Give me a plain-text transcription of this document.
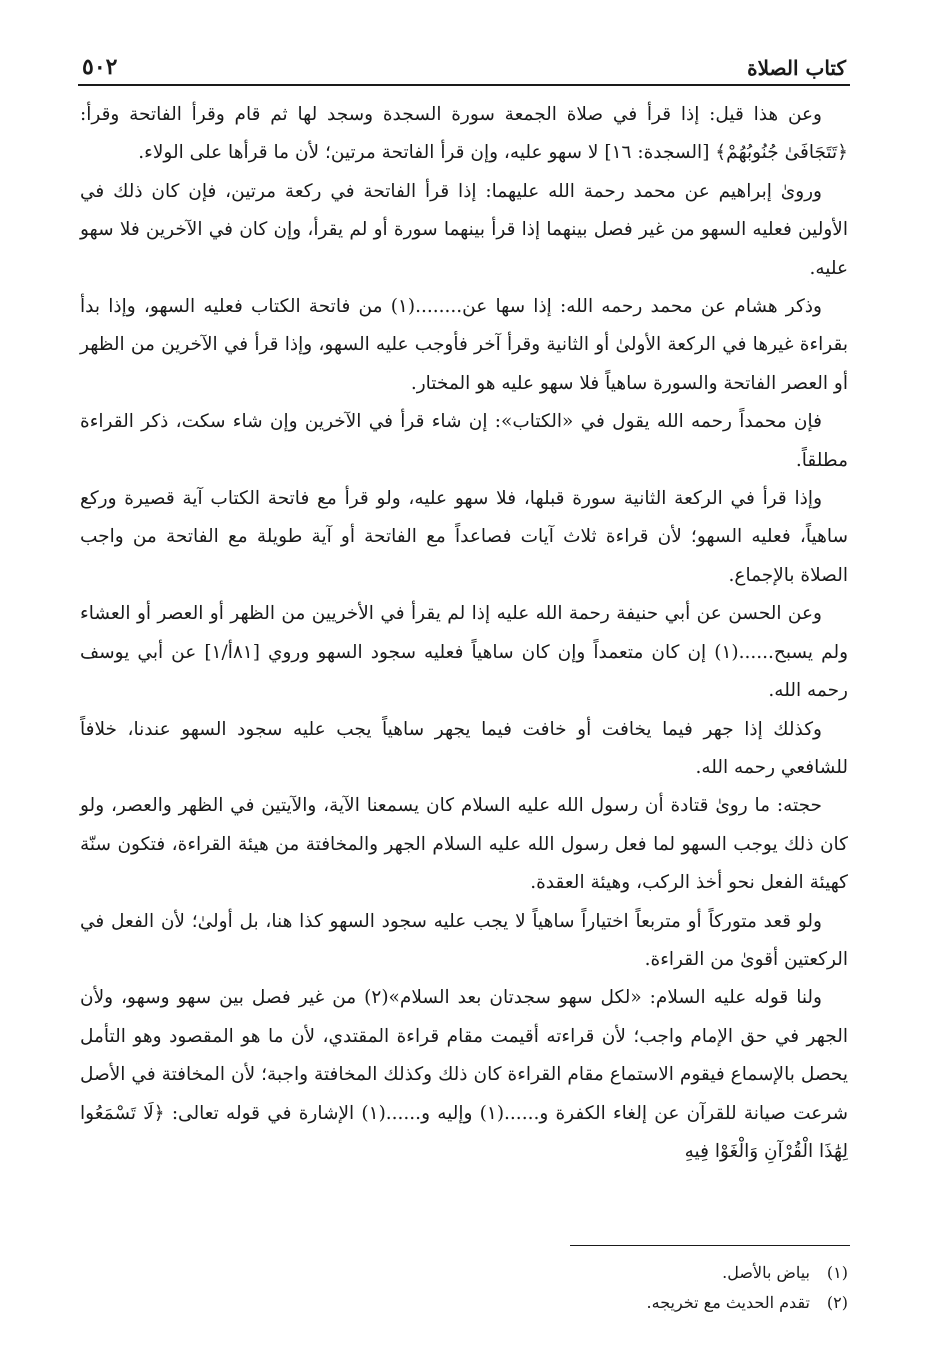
كتاب الصلاة
٥٠٢

وعن هذا قيل: إذا قرأ في صلاة الجمعة سورة السجدة وسجد لها ثم قام وقرأ الفاتحة وقرأ: ﴿تَتَجَافَىٰ جُنُوبُهُمْ﴾ [السجدة: ١٦] لا سهو عليه، وإن قرأ الفاتحة مرتين؛ لأن ما قرأها على الولاء.

وروىٰ إبراهيم عن محمد رحمة الله عليهما: إذا قرأ الفاتحة في ركعة مرتين، فإن كان ذلك في الأولين فعليه السهو من غير فصل بينهما إذا قرأ بينهما سورة أو لم يقرأ، وإن كان في الآخرين فلا سهو عليه.

وذكر هشام عن محمد رحمه الله: إذا سها عن........(١) من فاتحة الكتاب فعليه السهو، وإذا بدأ بقراءة غيرها في الركعة الأولىٰ أو الثانية وقرأ آخر فأوجب عليه السهو، وإذا قرأ في الآخرين من الظهر أو العصر الفاتحة والسورة ساهياً فلا سهو عليه هو المختار.

فإن محمداً رحمه الله يقول في «الكتاب»: إن شاء قرأ في الآخرين وإن شاء سكت، ذكر القراءة مطلقاً.

وإذا قرأ في الركعة الثانية سورة قبلها، فلا سهو عليه، ولو قرأ مع فاتحة الكتاب آية قصيرة وركع ساهياً، فعليه السهو؛ لأن قراءة ثلاث آيات فصاعداً مع الفاتحة أو آية طويلة مع الفاتحة من واجب الصلاة بالإجماع.

وعن الحسن عن أبي حنيفة رحمة الله عليه إذا لم يقرأ في الأخريين من الظهر أو العصر أو العشاء ولم يسبح......(١) إن كان متعمداً وإن كان ساهياً فعليه سجود السهو وروي [٨١أ/١] عن أبي يوسف رحمه الله.

وكذلك إذا جهر فيما يخافت أو خافت فيما يجهر ساهياً يجب عليه سجود السهو عندنا، خلافاً للشافعي رحمه الله.

حجته: ما روىٰ قتادة أن رسول الله عليه السلام كان يسمعنا الآية، والآيتين في الظهر والعصر، ولو كان ذلك يوجب السهو لما فعل رسول الله عليه السلام الجهر والمخافتة من هيئة القراءة، فتكون سنّة كهيئة الفعل نحو أخذ الركب، وهيئة العقدة.

ولو قعد متوركاً أو متربعاً اختياراً ساهياً لا يجب عليه سجود السهو كذا هنا، بل أولىٰ؛ لأن الفعل في الركعتين أقوىٰ من القراءة.

ولنا قوله عليه السلام: «لكل سهو سجدتان بعد السلام»(٢) من غير فصل بين سهو وسهو، ولأن الجهر في حق الإمام واجب؛ لأن قراءته أقيمت مقام قراءة المقتدي، لأن ما هو المقصود وهو التأمل يحصل بالإسماع فيقوم الاستماع مقام القراءة كان ذلك وكذلك المخافتة واجبة؛ لأن المخافتة في الأصل شرعت صيانة للقرآن عن إلغاء الكفرة و......(١) وإليه و......(١) الإشارة في قوله تعالى: ﴿لَا تَسْمَعُوا لِهَٰذَا الْقُرْآنِ وَالْغَوْا فِيهِ

(١)
بياض بالأصل.
(٢)
تقدم الحديث مع تخريجه.
